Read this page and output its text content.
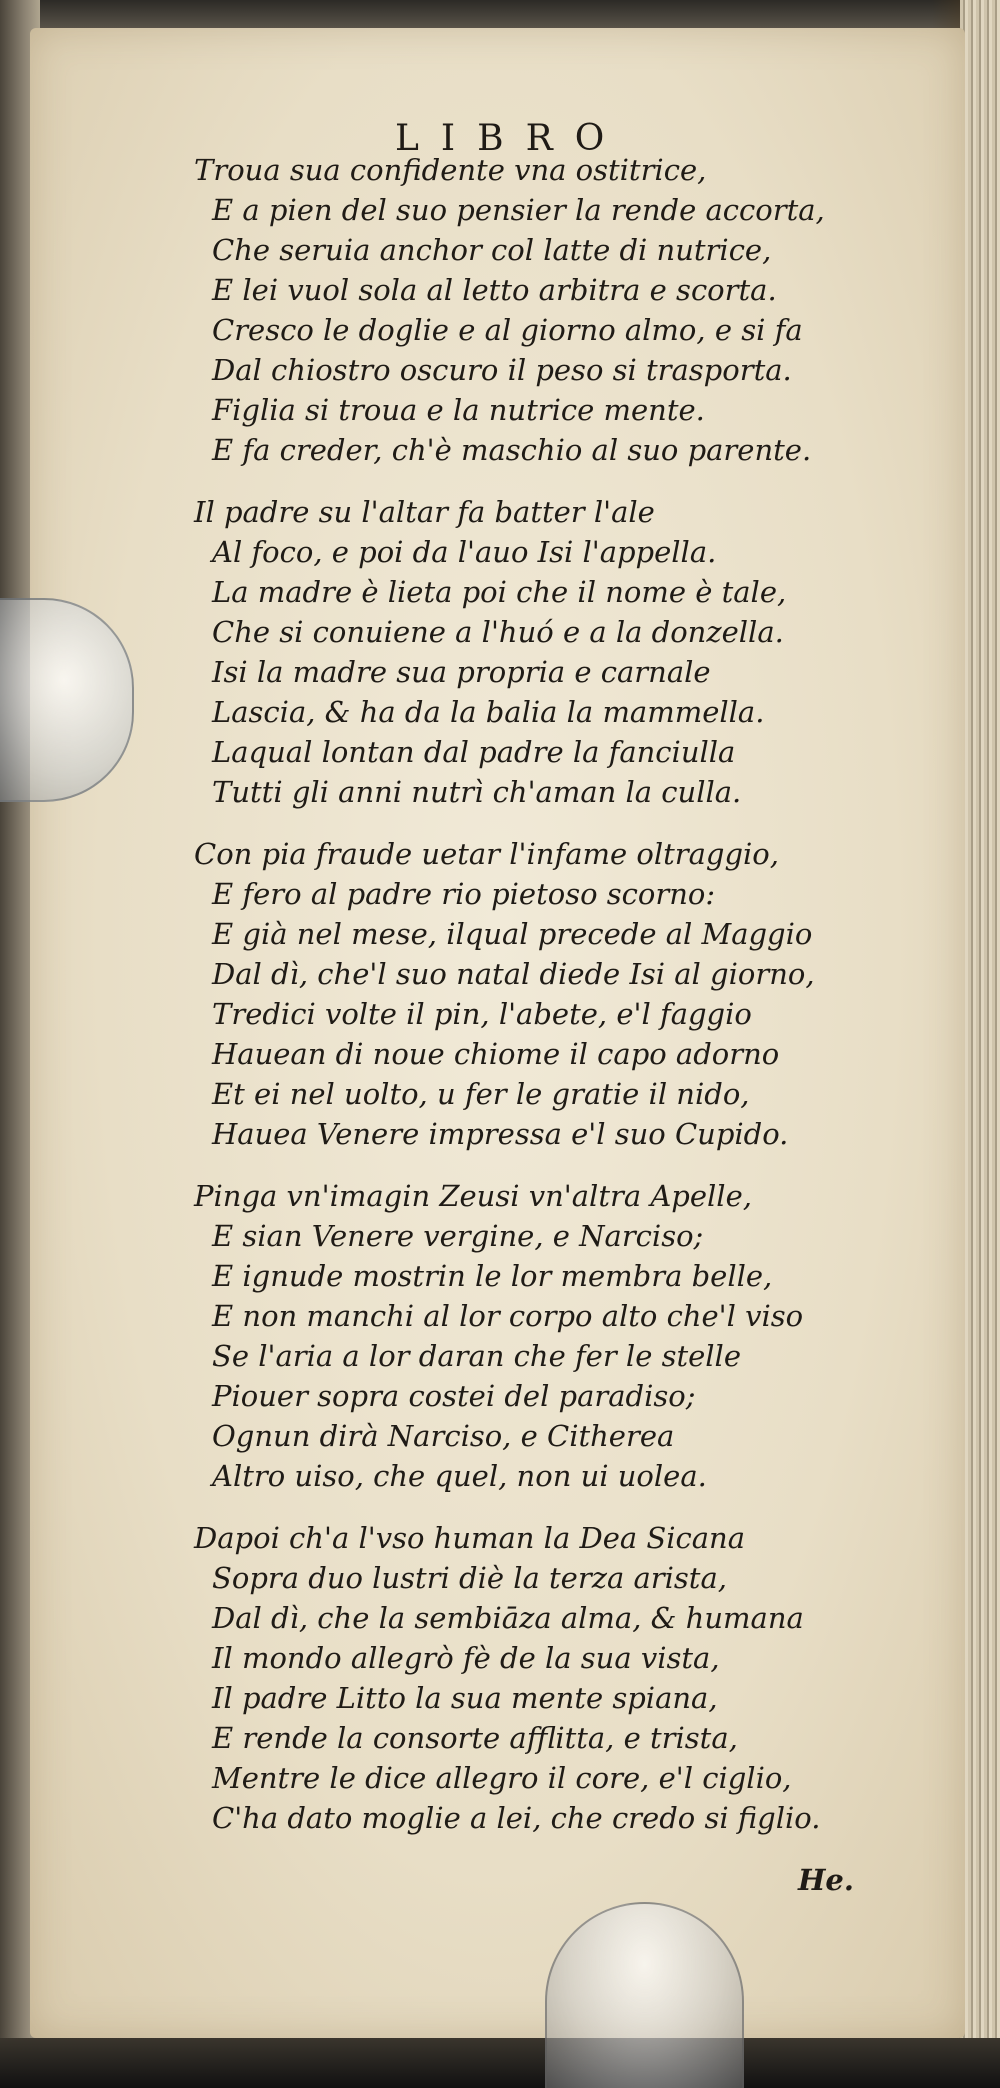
LIBRO
Troua sua confidente vna ostitrice,
E a pien del suo pensier la rende accorta,
Che seruia anchor col latte di nutrice,
E lei vuol sola al letto arbitra e scorta.
Cresco le doglie e al giorno almo, e si fa
Dal chiostro oscuro il peso si trasporta.
Figlia si troua e la nutrice mente.
E fa creder, ch'è maschio al suo parente.
Il padre su l'altar fa batter l'ale
Al foco, e poi da l'auo Isi l'appella.
La madre è lieta poi che il nome è tale,
Che si conuiene a l'huó e a la donzella.
Isi la madre sua propria e carnale
Lascia, & ha da la balia la mammella.
Laqual lontan dal padre la fanciulla
Tutti gli anni nutrì ch'aman la culla.
Con pia fraude uetar l'infame oltraggio,
E fero al padre rio pietoso scorno:
E già nel mese, ilqual precede al Maggio
Dal dì, che'l suo natal diede Isi al giorno,
Tredici volte il pin, l'abete, e'l faggio
Hauean di noue chiome il capo adorno
Et ei nel uolto, u fer le gratie il nido,
Hauea Venere impressa e'l suo Cupido.
Pinga vn'imagin Zeusi vn'altra Apelle,
E sian Venere vergine, e Narciso;
E ignude mostrin le lor membra belle,
E non manchi al lor corpo alto che'l viso
Se l'aria a lor daran che fer le stelle
Piouer sopra costei del paradiso;
Ognun dirà Narciso, e Citherea
Altro uiso, che quel, non ui uolea.
Dapoi ch'a l'vso human la Dea Sicana
Sopra duo lustri diè la terza arista,
Dal dì, che la sembiāza alma, & humana
Il mondo allegrò fè de la sua vista,
Il padre Litto la sua mente spiana,
E rende la consorte afflitta, e trista,
Mentre le dice allegro il core, e'l ciglio,
C'ha dato moglie a lei, che credo si figlio.
He.
